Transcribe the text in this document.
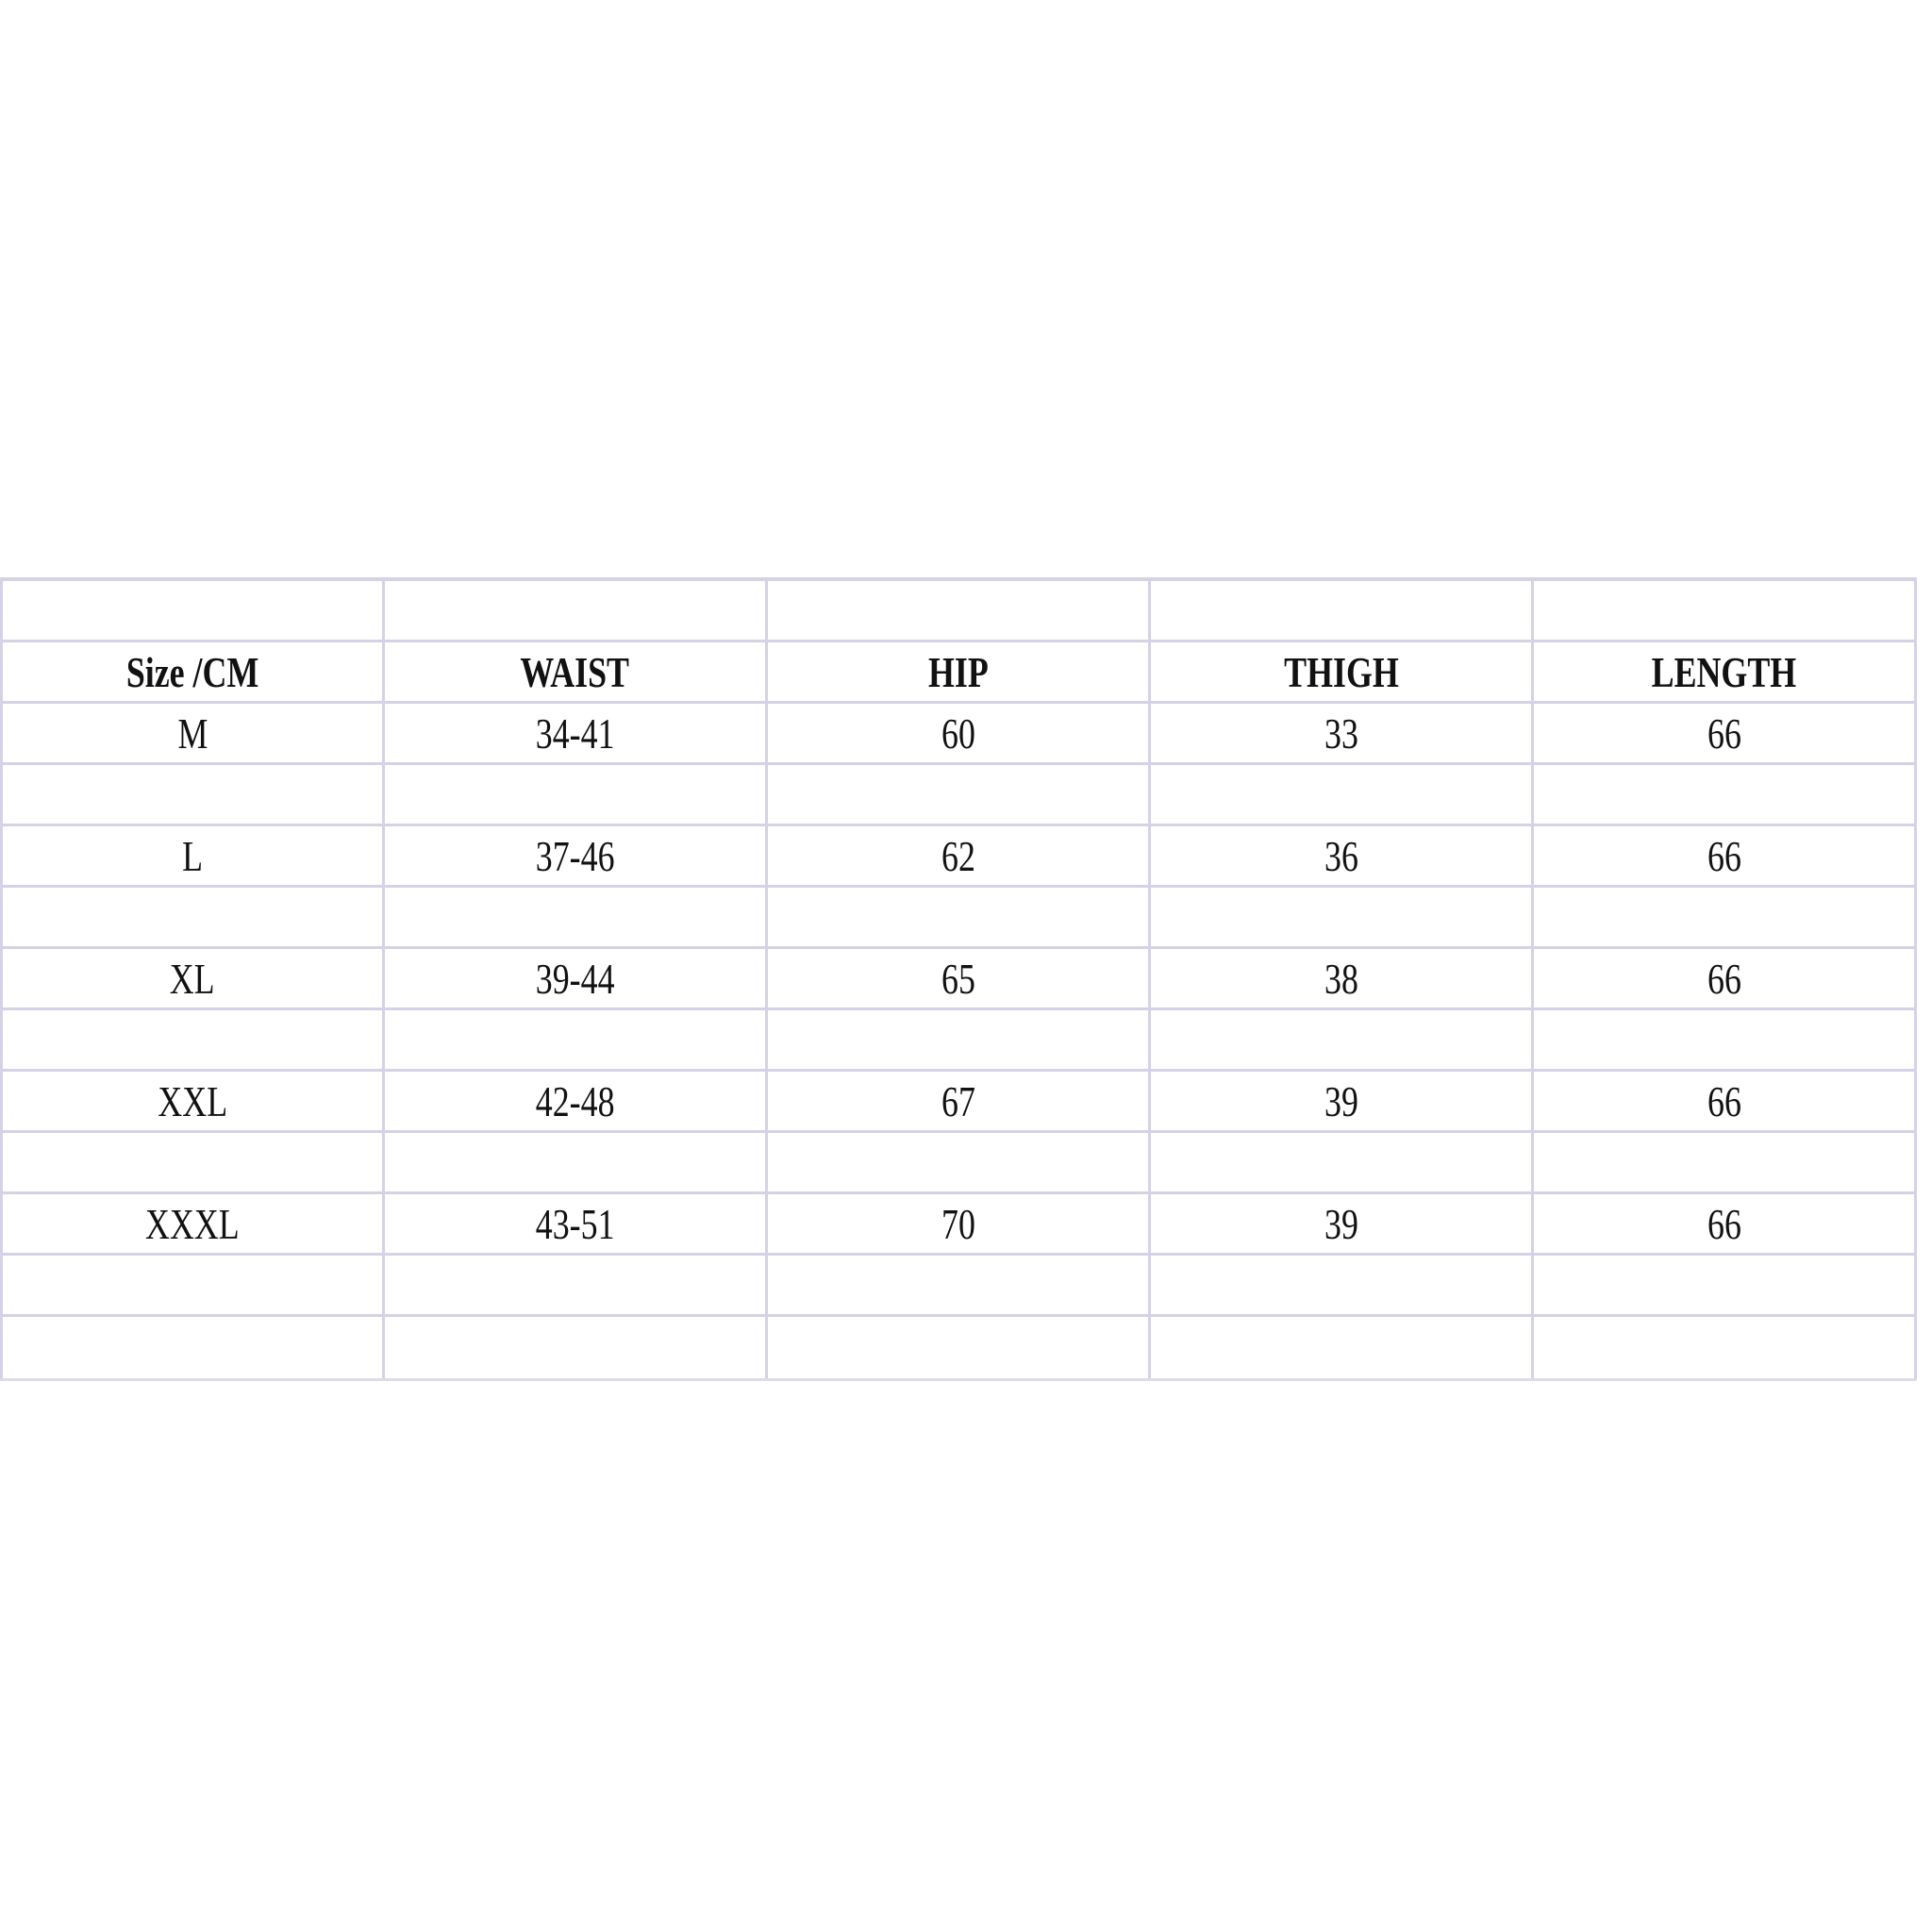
Size /CM	WAIST	HIP	THIGH	LENGTH
M	34-41	60	33	66
L	37-46	62	36	66
XL	39-44	65	38	66
XXL	42-48	67	39	66
XXXL	43-51	70	39	66
